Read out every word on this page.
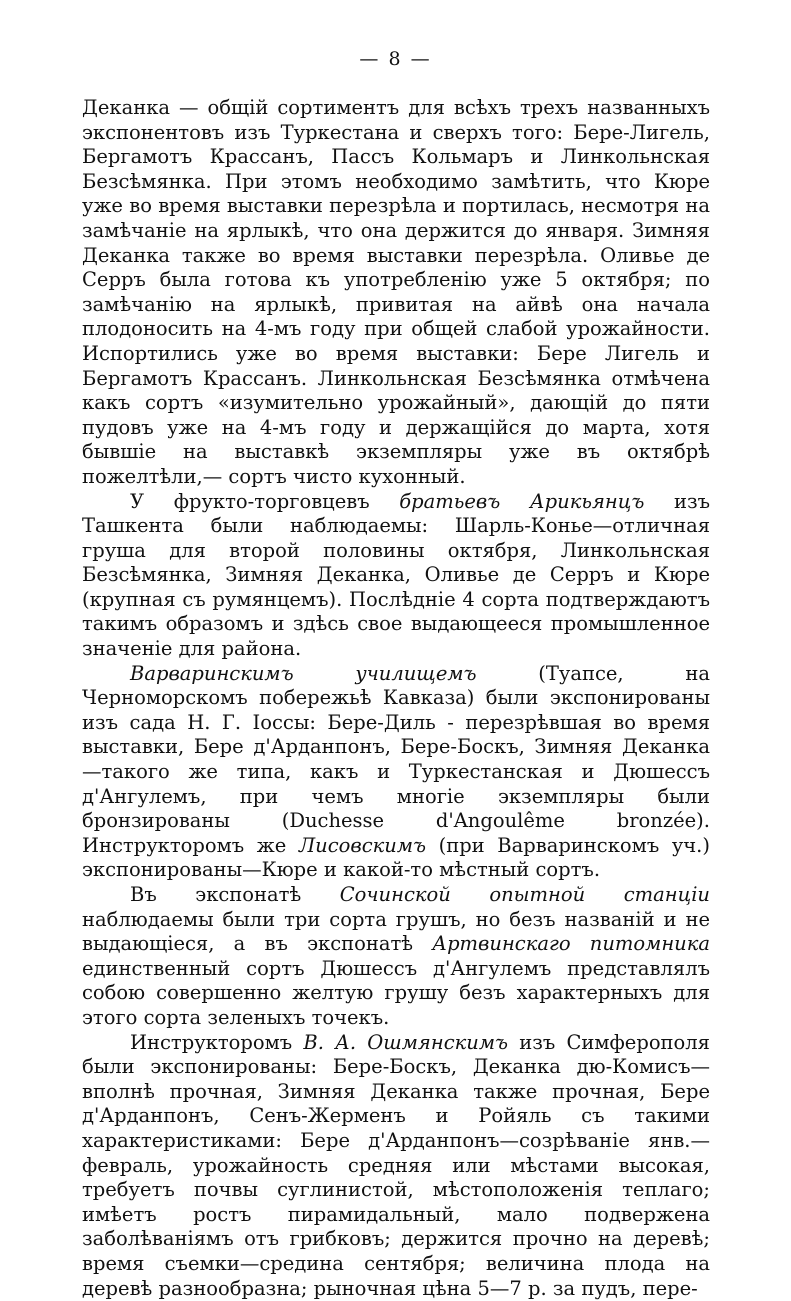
— 8 —

Деканка — общій сортиментъ для всѣхъ трехъ названныхъ экспонентовъ изъ Туркестана и сверхъ того: Бере-Лигель, Бергамотъ Крассанъ, Пассъ Кольмаръ и Линкольнская Безсѣмянка. При этомъ необходимо замѣтить, что Кюре уже во время выставки перезрѣла и портилась, несмотря на замѣчаніе на ярлыкѣ, что она держится до января. Зимняя Деканка также во время выставки перезрѣла. Оливье де Серръ была готова къ употребленію уже 5 октября; по замѣчанію на ярлыкѣ, привитая на айвѣ она начала плодоносить на 4-мъ году при общей слабой урожайности. Испортились уже во время выставки: Бере Лигель и Бергамотъ Крассанъ. Линкольнская Безсѣмянка отмѣчена какъ сортъ «изумительно урожайный», дающій до пяти пудовъ уже на 4-мъ году и держащійся до марта, хотя бывшіе на выставкѣ экземпляры уже въ октябрѣ пожелтѣли,— сортъ чисто кухонный.

У фрукто-торговцевъ братьевъ Арикьянцъ изъ Ташкента были наблюдаемы: Шарль-Конье—отличная груша для второй половины октября, Линкольнская Безсѣмянка, Зимняя Деканка, Оливье де Серръ и Кюре (крупная съ румянцемъ). Послѣдніе 4 сорта подтверждаютъ такимъ образомъ и здѣсь свое выдающееся промышленное значеніе для района.

Варваринскимъ училищемъ (Туапсе, на Черноморскомъ побережьѣ Кавказа) были экспонированы изъ сада Н. Г. Іоссы: Бере-Диль - перезрѣвшая во время выставки, Бере д'Арданпонъ, Бере-Боскъ, Зимняя Деканка—такого же типа, какъ и Туркестанская и Дюшессъ д'Ангулемъ, при чемъ многіе экземпляры были бронзированы (Duchesse d'Angoulême bronzée). Инструкторомъ же Лисовскимъ (при Варваринскомъ уч.) экспонированы—Кюре и какой-то мѣстный сортъ.

Въ экспонатѣ Сочинской опытной станціи наблюдаемы были три сорта грушъ, но безъ названій и не выдающіеся, а въ экспонатѣ Артвинскаго питомника единственный сортъ Дюшессъ д'Ангулемъ представлялъ собою совершенно желтую грушу безъ характерныхъ для этого сорта зеленыхъ точекъ.

Инструкторомъ В. А. Ошмянскимъ изъ Симферополя были экспонированы: Бере-Боскъ, Деканка дю-Комисъ—вполнѣ прочная, Зимняя Деканка также прочная, Бере д'Арданпонъ, Сенъ-Жерменъ и Ройяль съ такими характеристиками: Бере д'Арданпонъ—созрѣваніе янв.—февраль, урожайность средняя или мѣстами высокая, требуетъ почвы суглинистой, мѣстоположенія теплаго; имѣетъ ростъ пирамидальный, мало подвержена заболѣваніямъ отъ грибковъ; держится прочно на деревѣ; время съемки—средина сентября; величина плода на деревѣ разнообразна; рыночная цѣна 5—7 р. за пудъ, пере-
